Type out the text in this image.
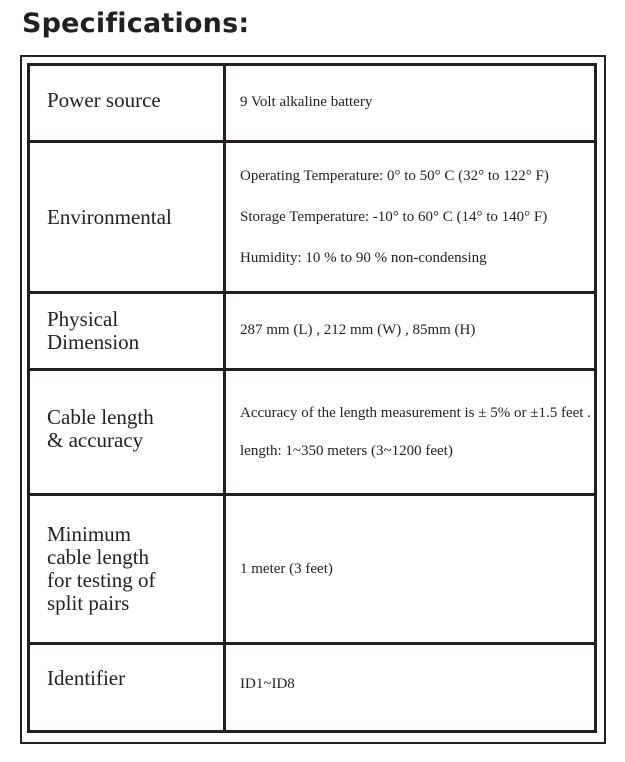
Specifications:
Power source	9 Volt alkaline battery

Environmental	Operating Temperature: 0° to 50° C (32° to 122° F)
Storage Temperature: -10° to 60° C (14° to 140° F)
Humidity: 10 % to 90 % non-condensing

Physical
Dimension	287 mm (L) , 212 mm (W) , 85mm (H)

Cable length
& accuracy	Accuracy of the length measurement is ± 5% or ±1.5 feet .
length: 1~350 meters (3~1200 feet)

Minimum
cable length
for testing of
split pairs	1 meter (3 feet)

Identifier	ID1~ID8
